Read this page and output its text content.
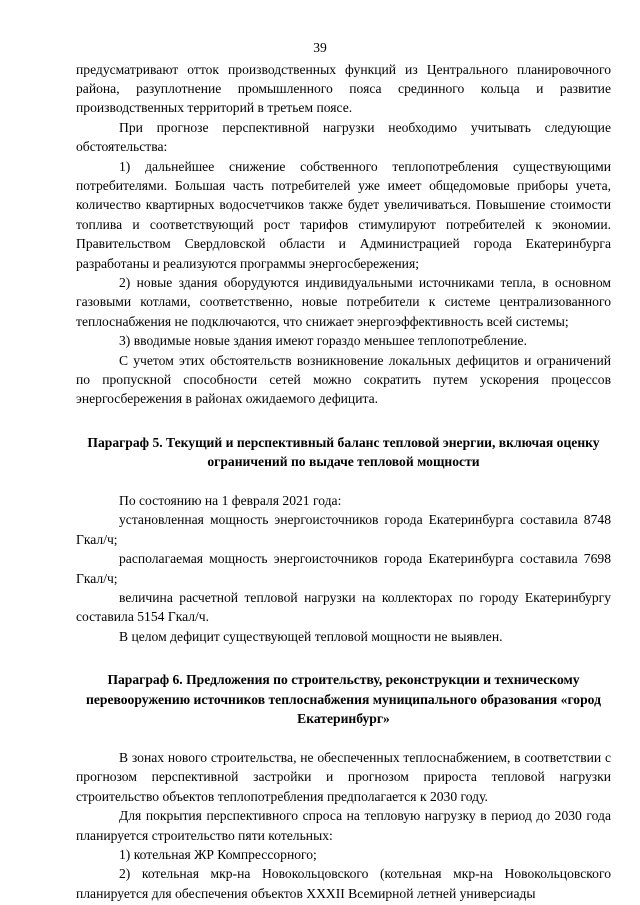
39

предусматривают отток производственных функций из Центрального планировочного района, разуплотнение промышленного пояса срединного кольца и развитие производственных территорий в третьем поясе.

При прогнозе перспективной нагрузки необходимо учитывать следующие обстоятельства:

1) дальнейшее снижение собственного теплопотребления существующими потребителями. Большая часть потребителей уже имеет общедомовые приборы учета, количество квартирных водосчетчиков также будет увеличиваться. Повышение стоимости топлива и соответствующий рост тарифов стимулируют потребителей к экономии. Правительством Свердловской области и Администрацией города Екатеринбурга разработаны и реализуются программы энергосбережения;

2) новые здания оборудуются индивидуальными источниками тепла, в основном газовыми котлами, соответственно, новые потребители к системе централизованного теплоснабжения не подключаются, что снижает энергоэффективность всей системы;

3) вводимые новые здания имеют гораздо меньшее теплопотребление.

С учетом этих обстоятельств возникновение локальных дефицитов и ограничений по пропускной способности сетей можно сократить путем ускорения процессов энергосбережения в районах ожидаемого дефицита.

Параграф 5. Текущий и перспективный баланс тепловой энергии, включая оценку ограничений по выдаче тепловой мощности

По состоянию на 1 февраля 2021 года:

установленная мощность энергоисточников города Екатеринбурга составила 8748 Гкал/ч;

располагаемая мощность энергоисточников города Екатеринбурга составила 7698 Гкал/ч;

величина расчетной тепловой нагрузки на коллекторах по городу Екатеринбургу составила 5154 Гкал/ч.

В целом дефицит существующей тепловой мощности не выявлен.

Параграф 6. Предложения по строительству, реконструкции и техническому перевооружению источников теплоснабжения муниципального образования «город Екатеринбург»

В зонах нового строительства, не обеспеченных теплоснабжением, в соответствии с прогнозом перспективной застройки и прогнозом прироста тепловой нагрузки строительство объектов теплопотребления предполагается к 2030 году.

Для покрытия перспективного спроса на тепловую нагрузку в период до 2030 года планируется строительство пяти котельных:

1) котельная ЖР Компрессорного;

2) котельная мкр-на Новокольцовского (котельная мкр-на Новокольцовского планируется для обеспечения объектов XXXII Всемирной летней универсиады
